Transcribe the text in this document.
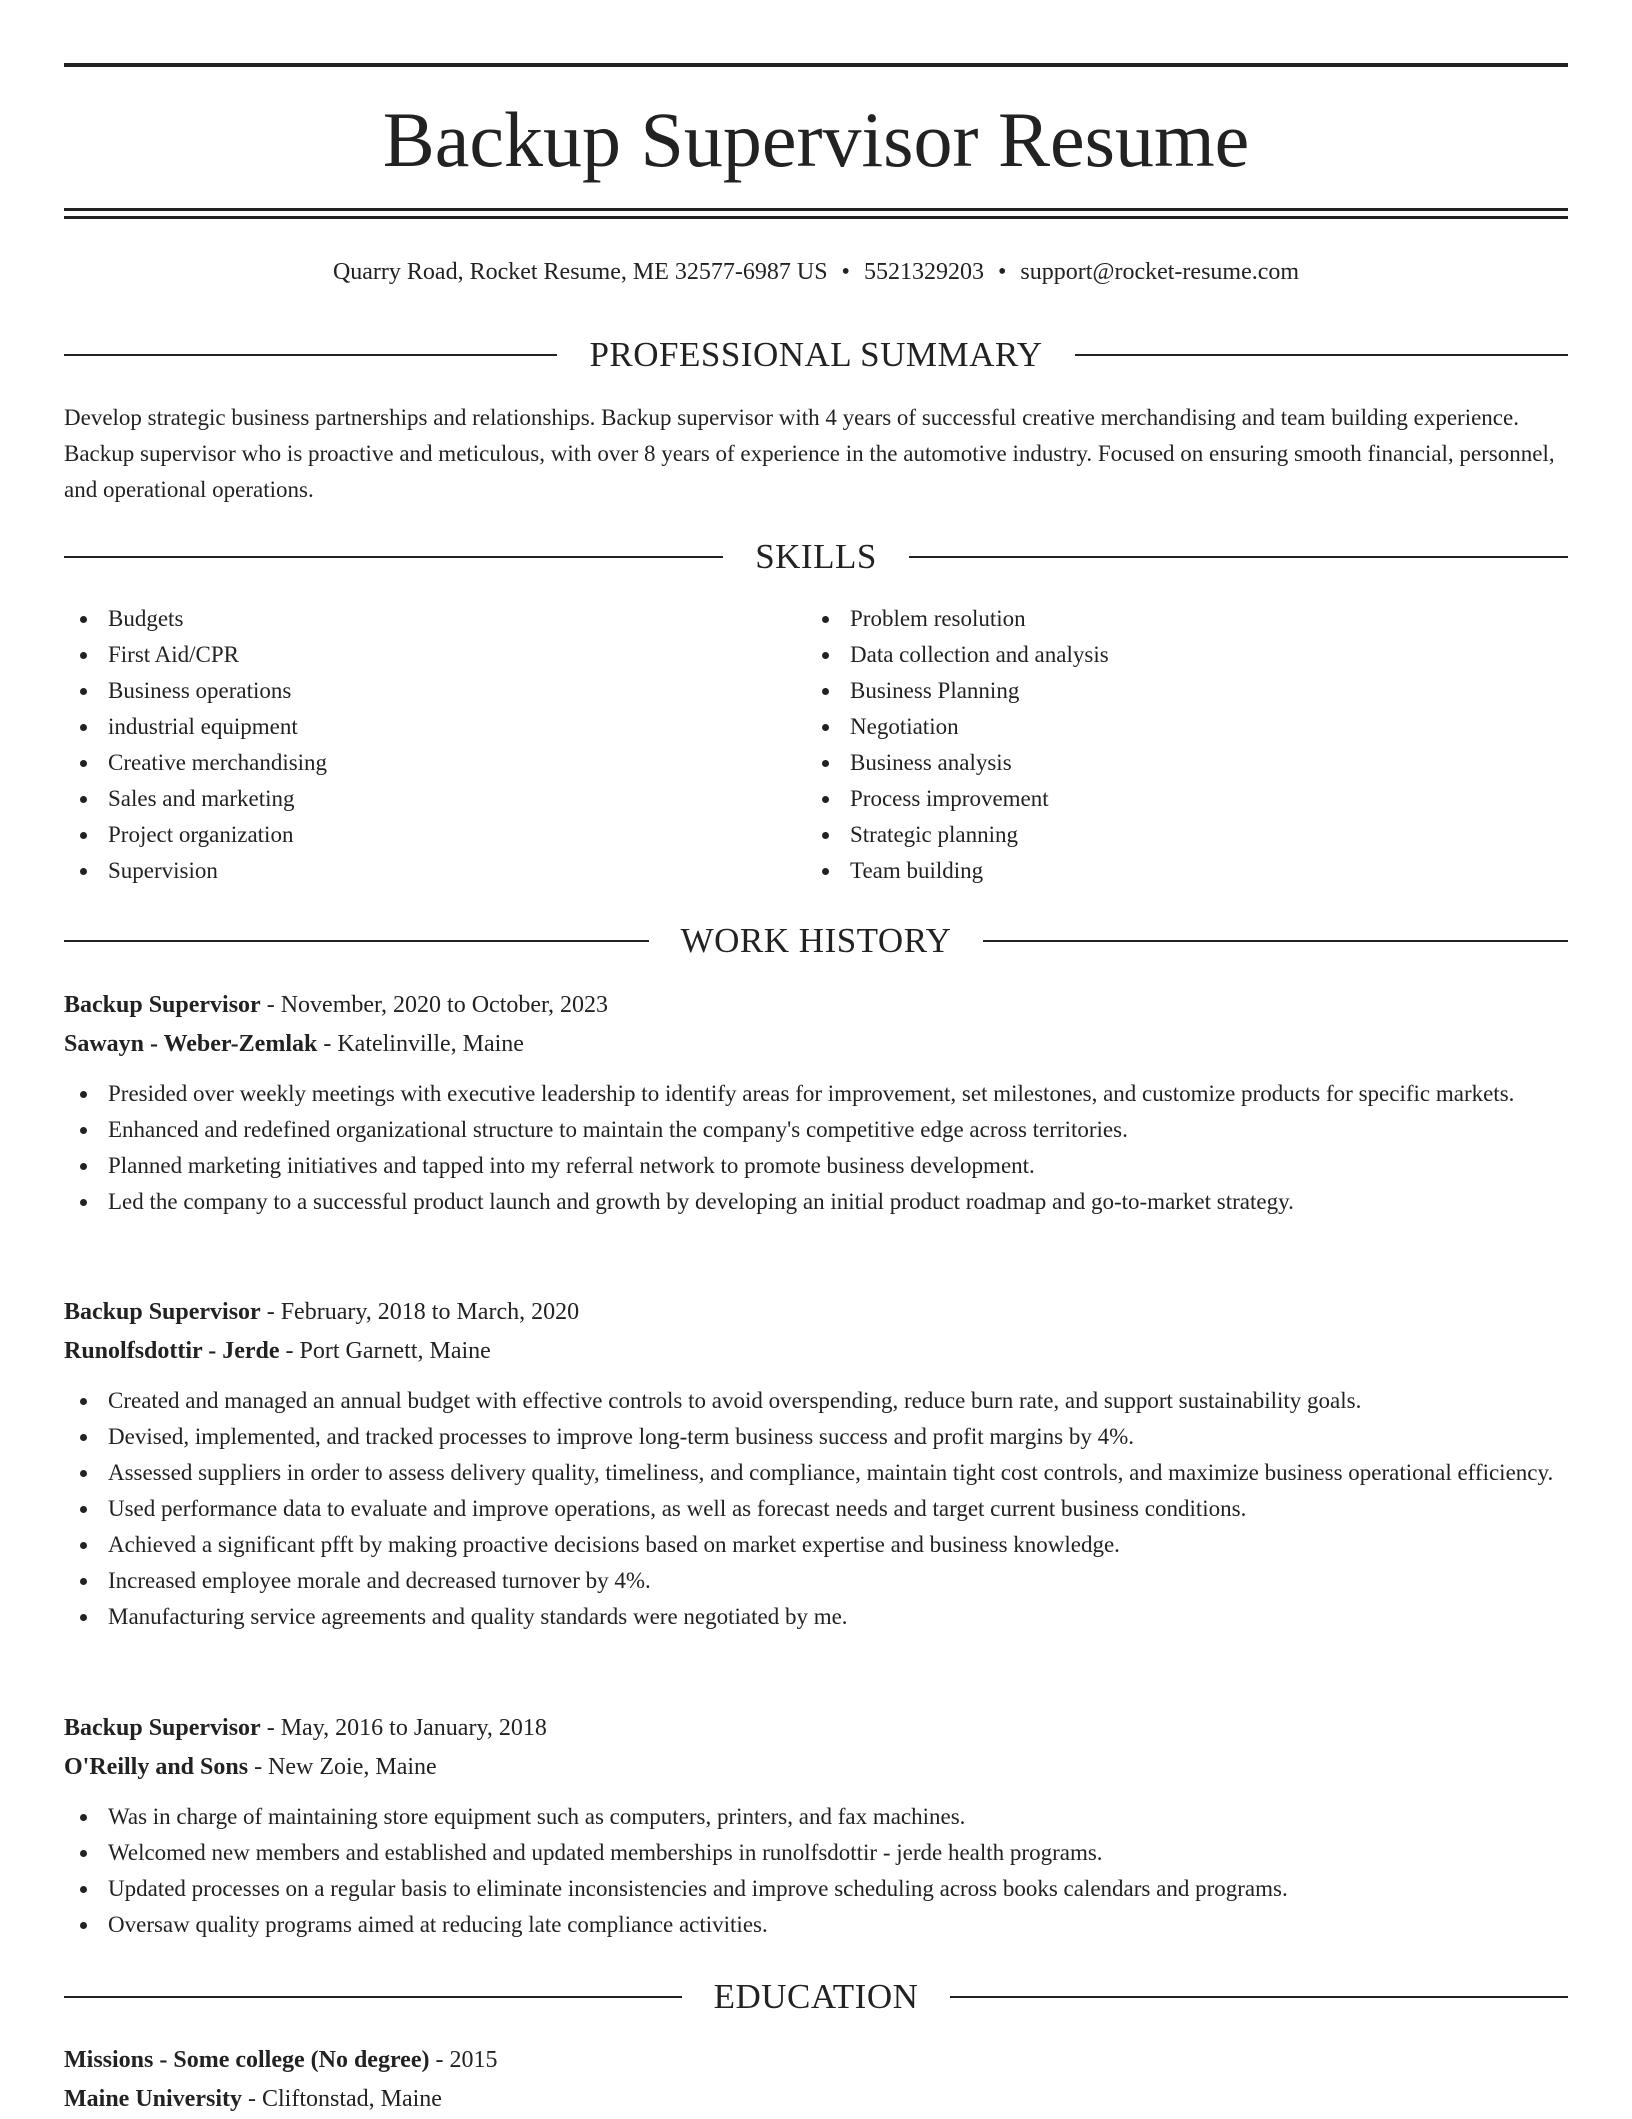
Backup Supervisor Resume
Quarry Road, Rocket Resume, ME 32577-6987 US • 5521329203 • support@rocket-resume.com
PROFESSIONAL SUMMARY

Develop strategic business partnerships and relationships. Backup supervisor with 4 years of successful creative merchandising and team building experience. Backup supervisor who is proactive and meticulous, with over 8 years of experience in the automotive industry. Focused on ensuring smooth financial, personnel, and operational operations.

SKILLS
Budgets
First Aid/CPR
Business operations
industrial equipment
Creative merchandising
Sales and marketing
Project organization
Supervision
Problem resolution
Data collection and analysis
Business Planning
Negotiation
Business analysis
Process improvement
Strategic planning
Team building
WORK HISTORY
Backup Supervisor - November, 2020 to October, 2023
Sawayn - Weber-Zemlak - Katelinville, Maine
Presided over weekly meetings with executive leadership to identify areas for improvement, set milestones, and customize products for specific markets.
Enhanced and redefined organizational structure to maintain the company's competitive edge across territories.
Planned marketing initiatives and tapped into my referral network to promote business development.
Led the company to a successful product launch and growth by developing an initial product roadmap and go-to-market strategy.
Backup Supervisor - February, 2018 to March, 2020
Runolfsdottir - Jerde - Port Garnett, Maine
Created and managed an annual budget with effective controls to avoid overspending, reduce burn rate, and support sustainability goals.
Devised, implemented, and tracked processes to improve long-term business success and profit margins by 4%.
Assessed suppliers in order to assess delivery quality, timeliness, and compliance, maintain tight cost controls, and maximize business operational efficiency.
Used performance data to evaluate and improve operations, as well as forecast needs and target current business conditions.
Achieved a significant pfft by making proactive decisions based on market expertise and business knowledge.
Increased employee morale and decreased turnover by 4%.
Manufacturing service agreements and quality standards were negotiated by me.
Backup Supervisor - May, 2016 to January, 2018
O'Reilly and Sons - New Zoie, Maine
Was in charge of maintaining store equipment such as computers, printers, and fax machines.
Welcomed new members and established and updated memberships in runolfsdottir - jerde health programs.
Updated processes on a regular basis to eliminate inconsistencies and improve scheduling across books calendars and programs.
Oversaw quality programs aimed at reducing late compliance activities.
EDUCATION
Missions - Some college (No degree) - 2015
Maine University - Cliftonstad, Maine
